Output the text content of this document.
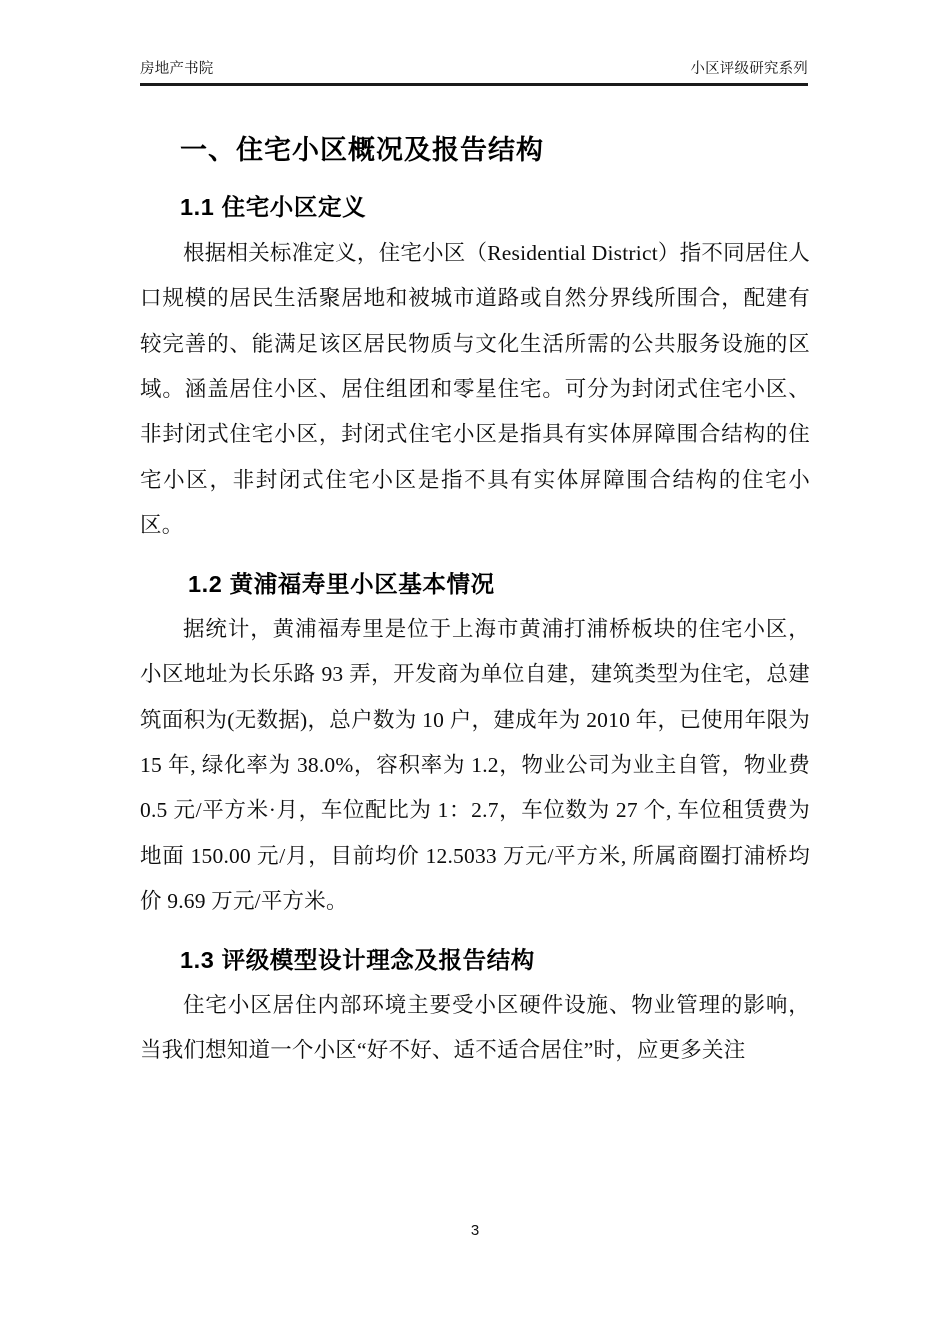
房地产书院	小区评级研究系列
一、住宅小区概况及报告结构
1.1 住宅小区定义

根据相关标准定义，住宅小区（Residential District）指不同居住人口规模的居民生活聚居地和被城市道路或自然分界线所围合，配建有较完善的、能满足该区居民物质与文化生活所需的公共服务设施的区域。涵盖居住小区、居住组团和零星住宅。可分为封闭式住宅小区、非封闭式住宅小区，封闭式住宅小区是指具有实体屏障围合结构的住宅小区，非封闭式住宅小区是指不具有实体屏障围合结构的住宅小区。

1.2 黄浦福寿里小区基本情况

据统计，黄浦福寿里是位于上海市黄浦打浦桥板块的住宅小区，小区地址为长乐路 93 弄，开发商为单位自建，建筑类型为住宅，总建筑面积为(无数据)，总户数为 10 户，建成年为 2010 年，已使用年限为 15 年, 绿化率为 38.0%，容积率为 1.2，物业公司为业主自管，物业费 0.5 元/平方米·月，车位配比为 1：2.7，车位数为 27 个, 车位租赁费为地面 150.00 元/月，目前均价 12.5033 万元/平方米, 所属商圈打浦桥均价 9.69 万元/平方米。

1.3 评级模型设计理念及报告结构

住宅小区居住内部环境主要受小区硬件设施、物业管理的影响，当我们想知道一个小区“好不好、适不适合居住”时，应更多关注

3
